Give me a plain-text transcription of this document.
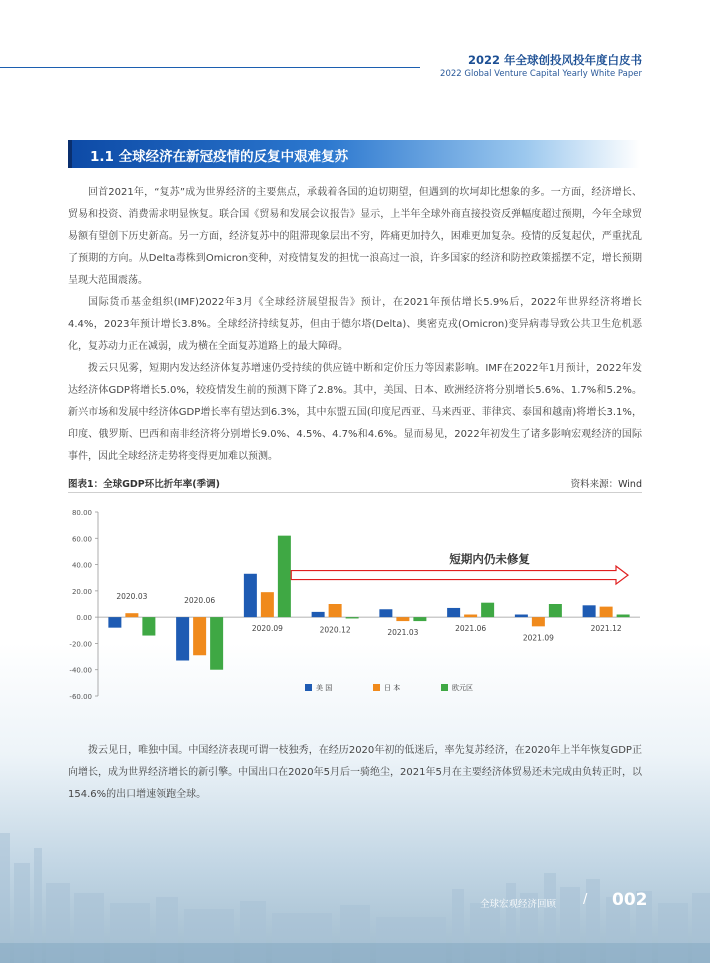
2022 年全球创投风投年度白皮书
2022 Global Venture Capital Yearly White Paper
1.1 全球经济在新冠疫情的反复中艰难复苏

回首2021年，“复苏”成为世界经济的主要焦点，承载着各国的迫切期望，但遇到的坎坷却比想象的多。一方面，经济增长、贸易和投资、消费需求明显恢复。联合国《贸易和发展会议报告》显示，上半年全球外商直接投资反弹幅度超过预期，今年全球贸易额有望创下历史新高。另一方面，经济复苏中的阻滞现象层出不穷，阵痛更加持久，困难更加复杂。疫情的反复起伏，严重扰乱了预期的方向。从Delta毒株到Omicron变种，对疫情复发的担忧一浪高过一浪，许多国家的经济和防控政策摇摆不定，增长预期呈现大范围震荡。

国际货币基金组织(IMF)2022年3月《全球经济展望报告》预计，在2021年预估增长5.9%后，2022年世界经济将增长4.4%，2023年预计增长3.8%。全球经济持续复苏，但由于德尔塔(Delta)、奥密克戎(Omicron)变异病毒导致公共卫生危机恶化，复苏动力正在减弱，成为横在全面复苏道路上的最大障碍。

拨云只见雾，短期内发达经济体复苏增速仍受持续的供应链中断和定价压力等因素影响。IMF在2022年1月预计，2022年发达经济体GDP将增长5.0%，较疫情发生前的预测下降了2.8%。其中，美国、日本、欧洲经济将分别增长5.6%、1.7%和5.2%。新兴市场和发展中经济体GDP增长率有望达到6.3%，其中东盟五国(印度尼西亚、马来西亚、菲律宾、泰国和越南)将增长3.1%，印度、俄罗斯、巴西和南非经济将分别增长9.0%、4.5%、4.7%和4.6%。显而易见，2022年初发生了诸多影响宏观经济的国际事件，因此全球经济走势将变得更加难以预测。

图表1：全球GDP环比折年率(季调)	资料来源：Wind
80.00
60.00
40.00
20.00
0.00
-20.00
-40.00
-60.00
2020.03	2020.06
2020.09	2020.12	2021.03	2021.06
2021.09
2021.12
短期内仍未修复
美 国	日 本	欧元区

拨云见日，唯独中国。中国经济表现可谓一枝独秀，在经历2020年初的低迷后，率先复苏经济，在2020年上半年恢复GDP正向增长，成为世界经济增长的新引擎。中国出口在2020年5月后一骑绝尘，2021年5月在主要经济体贸易还未完成由负转正时，以154.6%的出口增速领跑全球。

全球宏观经济回顾 / 002
